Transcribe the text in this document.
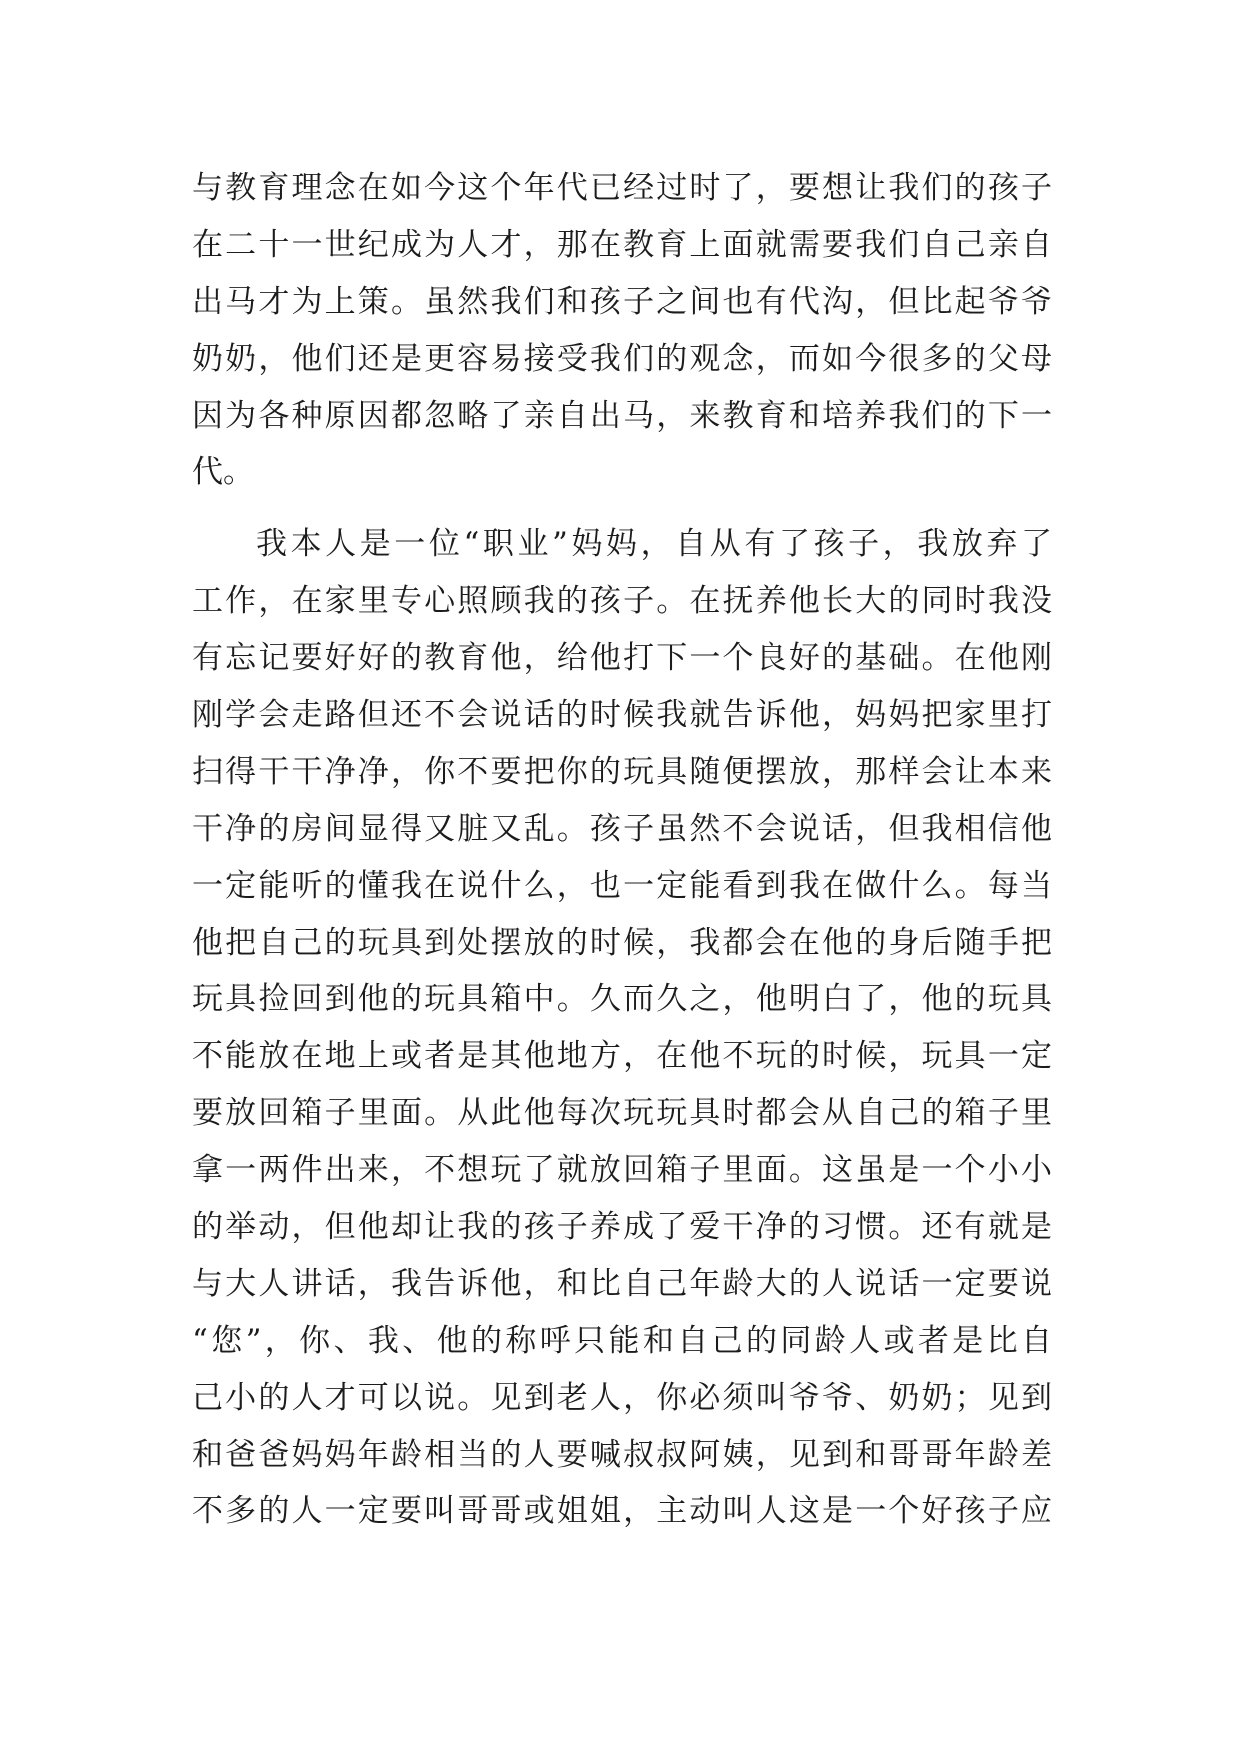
与教育理念在如今这个年代已经过时了，要想让我们的孩子
在二十一世纪成为人才，那在教育上面就需要我们自己亲自
出马才为上策。虽然我们和孩子之间也有代沟，但比起爷爷
奶奶，他们还是更容易接受我们的观念，而如今很多的父母
因为各种原因都忽略了亲自出马，来教育和培养我们的下一
代。
我本人是一位“职业”妈妈，自从有了孩子，我放弃了
工作，在家里专心照顾我的孩子。在抚养他长大的同时我没
有忘记要好好的教育他，给他打下一个良好的基础。在他刚
刚学会走路但还不会说话的时候我就告诉他，妈妈把家里打
扫得干干净净，你不要把你的玩具随便摆放，那样会让本来
干净的房间显得又脏又乱。孩子虽然不会说话，但我相信他
一定能听的懂我在说什么，也一定能看到我在做什么。每当
他把自己的玩具到处摆放的时候，我都会在他的身后随手把
玩具捡回到他的玩具箱中。久而久之，他明白了，他的玩具
不能放在地上或者是其他地方，在他不玩的时候，玩具一定
要放回箱子里面。从此他每次玩玩具时都会从自己的箱子里
拿一两件出来，不想玩了就放回箱子里面。这虽是一个小小
的举动，但他却让我的孩子养成了爱干净的习惯。还有就是
与大人讲话，我告诉他，和比自己年龄大的人说话一定要说
“您”，你、我、他的称呼只能和自己的同龄人或者是比自
己小的人才可以说。见到老人，你必须叫爷爷、奶奶；见到
和爸爸妈妈年龄相当的人要喊叔叔阿姨，见到和哥哥年龄差
不多的人一定要叫哥哥或姐姐，主动叫人这是一个好孩子应
